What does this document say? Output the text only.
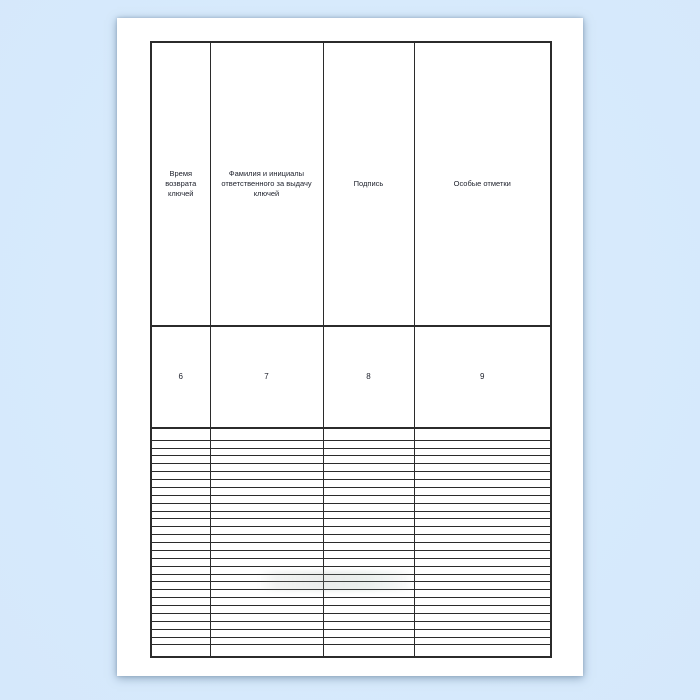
Время возврата ключей	Фамилия и инициалы ответственного за выдачу ключей	Подпись	Особые отметки
6	7	8	9
